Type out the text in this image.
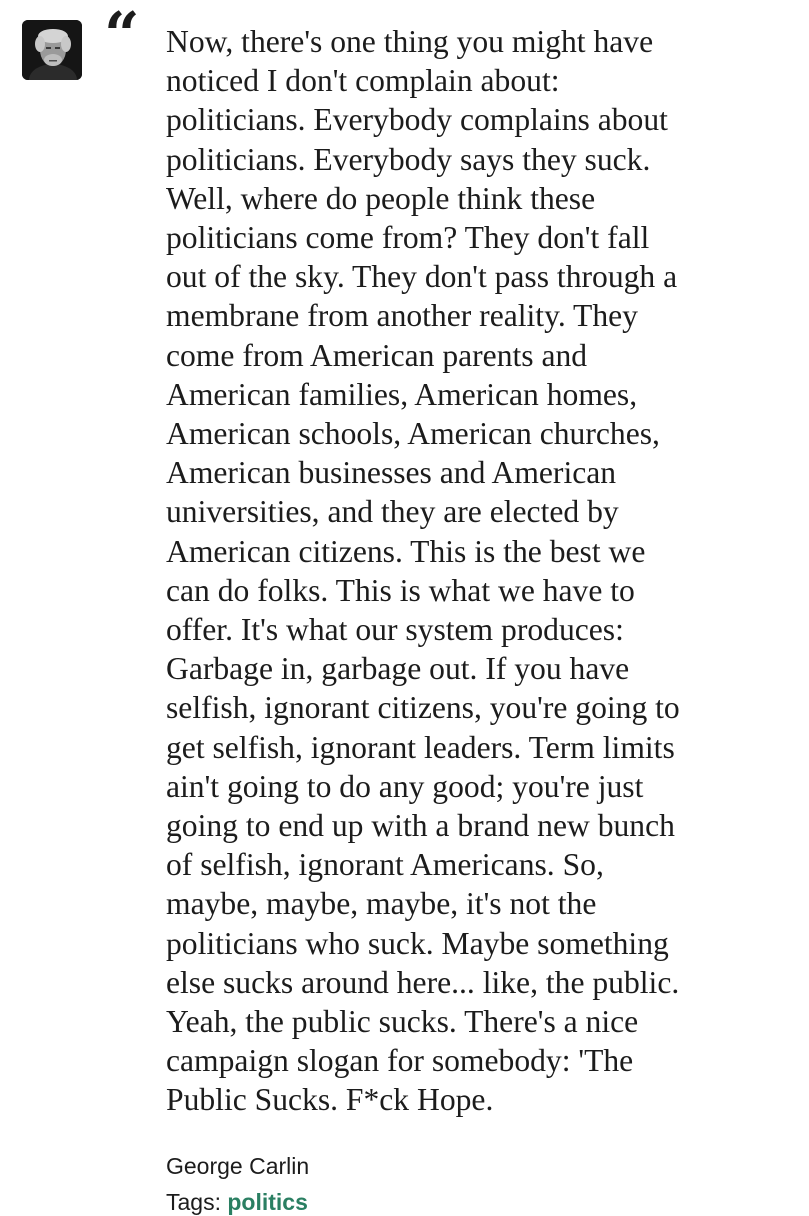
“ Now, there's one thing you might have
noticed I don't complain about:
politicians. Everybody complains about
politicians. Everybody says they suck.
Well, where do people think these
politicians come from? They don't fall
out of the sky. They don't pass through a
membrane from another reality. They
come from American parents and
American families, American homes,
American schools, American churches,
American businesses and American
universities, and they are elected by
American citizens. This is the best we
can do folks. This is what we have to
offer. It's what our system produces:
Garbage in, garbage out. If you have
selfish, ignorant citizens, you're going to
get selfish, ignorant leaders. Term limits
ain't going to do any good; you're just
going to end up with a brand new bunch
of selfish, ignorant Americans. So,
maybe, maybe, maybe, it's not the
politicians who suck. Maybe something
else sucks around here... like, the public.
Yeah, the public sucks. There's a nice
campaign slogan for somebody: 'The
Public Sucks. F*ck Hope.

George Carlin
Tags: politics
